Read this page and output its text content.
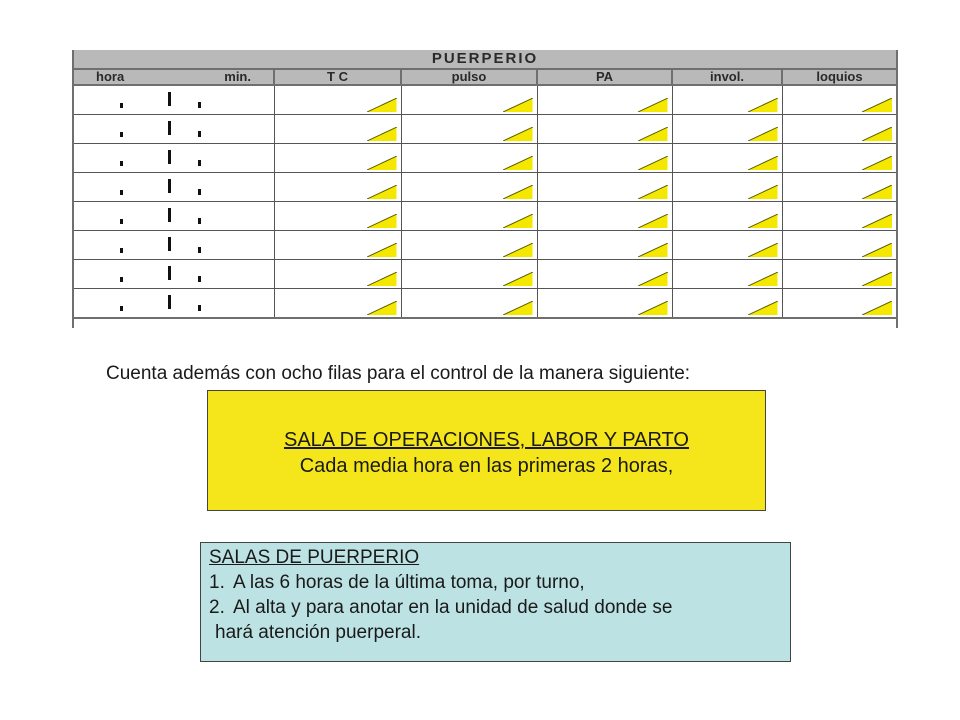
PUERPERIO
hora	min.	T C	pulso	PA	invol.	loquios

Cuenta además con ocho filas para el control de la manera siguiente:
SALA DE OPERACIONES, LABOR Y PARTO
Cada media hora en las primeras 2 horas,
SALAS DE PUERPERIO
1. A las 6 horas de la última toma, por turno,
2. Al alta y para anotar en la unidad de salud donde se
hará atención puerperal.
